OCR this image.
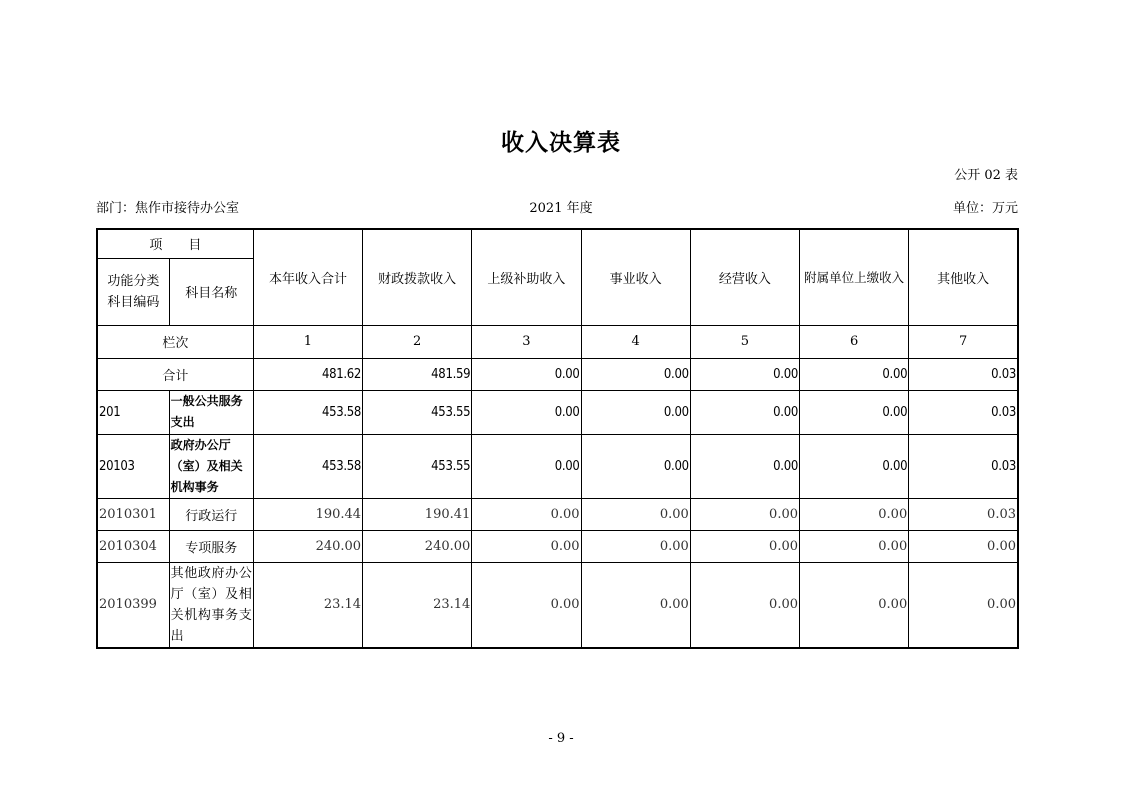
收入决算表
公开 02 表
部门：焦作市接待办公室	2021 年度	单位：万元
项　　目		本年收入合计	财政拨款收入	上级补助收入	事业收入	经营收入	附属单位上缴收入	其他收入
功能分类科目编码	科目名称							
栏次		1	2	3	4	5	6	7
合计		481.62	481.59	0.00	0.00	0.00	0.00	0.03
201	一般公共服务支出	453.58	453.55	0.00	0.00	0.00	0.00	0.03
20103	政府办公厅（室）及相关机构事务	453.58	453.55	0.00	0.00	0.00	0.00	0.03
2010301	行政运行	190.44	190.41	0.00	0.00	0.00	0.00	0.03
2010304	专项服务	240.00	240.00	0.00	0.00	0.00	0.00	0.00
2010399	其他政府办公厅（室）及相关机构事务支出	23.14	23.14	0.00	0.00	0.00	0.00	0.00
- 9 -
